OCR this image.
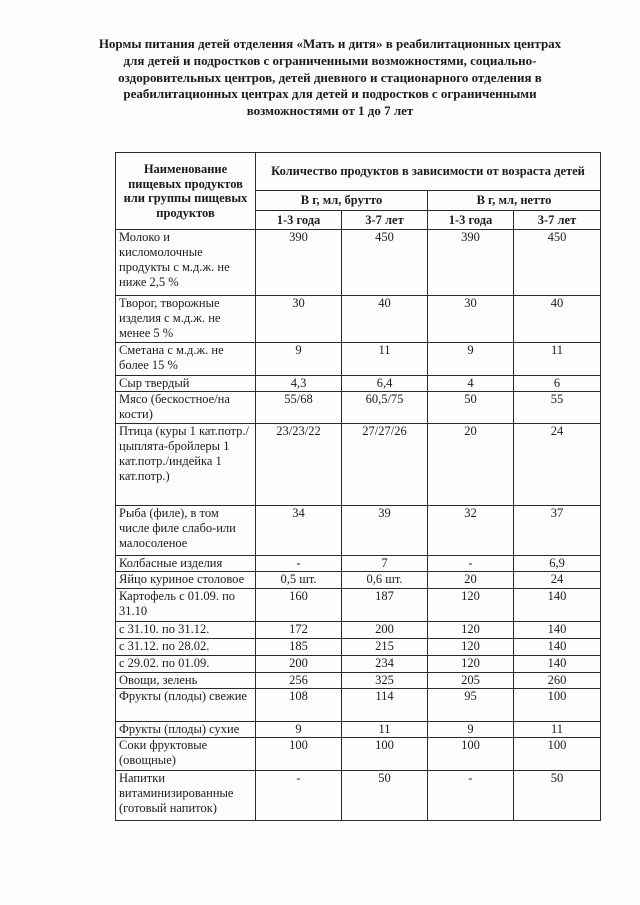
Нормы питания детей отделения «Мать и дитя» в реабилитационных центрах для детей и подростков с ограниченными возможностями, социально-оздоровительных центров, детей дневного и стационарного отделения в реабилитационных центрах для детей и подростков с ограниченными возможностями от 1 до 7 лет
Наименование пищевых продуктов или группы пищевых продуктов	Количество продуктов в зависимости от возраста детей			
	В г, мл, брутто		В г, мл, нетто	
	1-3 года	3-7 лет	1-3 года	3-7 лет
Молоко и кисломолочные продукты с м.д.ж. не ниже 2,5 %	390	450	390	450
Творог, творожные изделия с м.д.ж. не менее 5 %	30	40	30	40
Сметана с м.д.ж. не более 15 %	9	11	9	11
Сыр твердый	4,3	6,4	4	6
Мясо (бескостное/на кости)	55/68	60,5/75	50	55
Птица (куры 1 кат.потр./цыплята-бройлеры 1 кат.потр./индейка 1 кат.потр.)	23/23/22	27/27/26	20	24
Рыба (филе), в том числе филе слабо-или малосоленое	34	39	32	37
Колбасные изделия	-	7	-	6,9
Яйцо куриное столовое	0,5 шт.	0,6 шт.	20	24
Картофель с 01.09. по 31.10	160	187	120	140
с 31.10. по 31.12.	172	200	120	140
с 31.12. по 28.02.	185	215	120	140
с 29.02. по 01.09.	200	234	120	140
Овощи, зелень	256	325	205	260
Фрукты (плоды) свежие	108	114	95	100
Фрукты (плоды) сухие	9	11	9	11
Соки фруктовые (овощные)	100	100	100	100
Напитки витаминизированные (готовый напиток)	-	50	-	50
